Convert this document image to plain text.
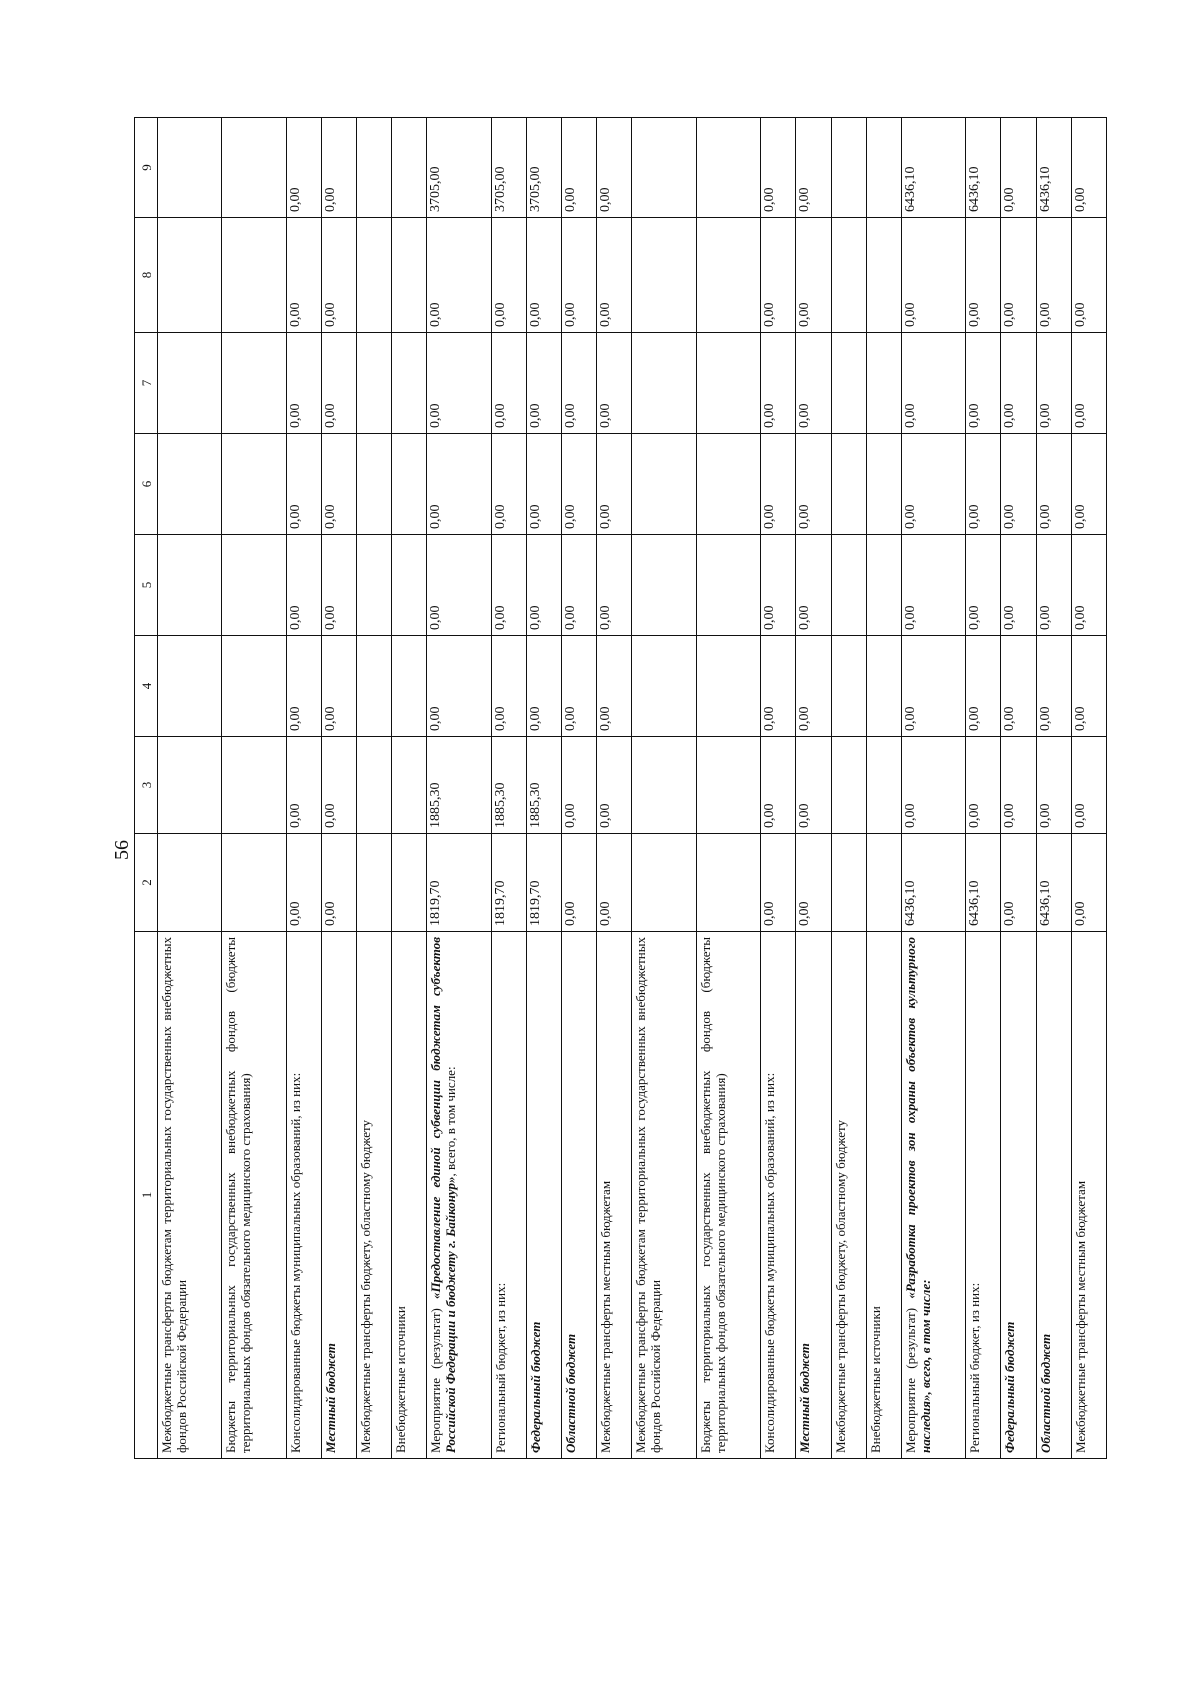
56
1	2	3	4	5	6	7	8	9
Межбюджетные трансферты бюджетам территориальных государственных внебюджетных фондов Российской Федерации								
Бюджеты территориальных государственных внебюджетных фондов (бюджеты территориальных фондов обязательного медицинского страхования)								
Консолидированные бюджеты муниципальных образований, из них:	0,00	0,00	0,00	0,00	0,00	0,00	0,00	0,00
Местный бюджет	0,00	0,00	0,00	0,00	0,00	0,00	0,00	0,00
Межбюджетные трансферты бюджету, областному бюджету								
Внебюджетные источники								
Мероприятие (результат) «Предоставление единой субвенции бюджетам субъектов Российской Федерации и бюджету г. Байконур», всего, в том числе:	1819,70	1885,30	0,00	0,00	0,00	0,00	0,00	3705,00
Региональный бюджет, из них:	1819,70	1885,30	0,00	0,00	0,00	0,00	0,00	3705,00
Федеральный бюджет	1819,70	1885,30	0,00	0,00	0,00	0,00	0,00	3705,00
Областной бюджет	0,00	0,00	0,00	0,00	0,00	0,00	0,00	0,00
Межбюджетные трансферты местным бюджетам	0,00	0,00	0,00	0,00	0,00	0,00	0,00	0,00
Межбюджетные трансферты бюджетам территориальных государственных внебюджетных фондов Российской Федерации								
Бюджеты территориальных государственных внебюджетных фондов (бюджеты территориальных фондов обязательного медицинского страхования)								
Консолидированные бюджеты муниципальных образований, из них:	0,00	0,00	0,00	0,00	0,00	0,00	0,00	0,00
Местный бюджет	0,00	0,00	0,00	0,00	0,00	0,00	0,00	0,00
Межбюджетные трансферты бюджету, областному бюджету								
Внебюджетные источники								
Мероприятие (результат) «Разработка проектов зон охраны объектов культурного наследия», всего, в том числе:	6436,10	0,00	0,00	0,00	0,00	0,00	0,00	6436,10
Региональный бюджет, из них:	6436,10	0,00	0,00	0,00	0,00	0,00	0,00	6436,10
Федеральный бюджет	0,00	0,00	0,00	0,00	0,00	0,00	0,00	0,00
Областной бюджет	6436,10	0,00	0,00	0,00	0,00	0,00	0,00	6436,10
Межбюджетные трансферты местным бюджетам	0,00	0,00	0,00	0,00	0,00	0,00	0,00	0,00
